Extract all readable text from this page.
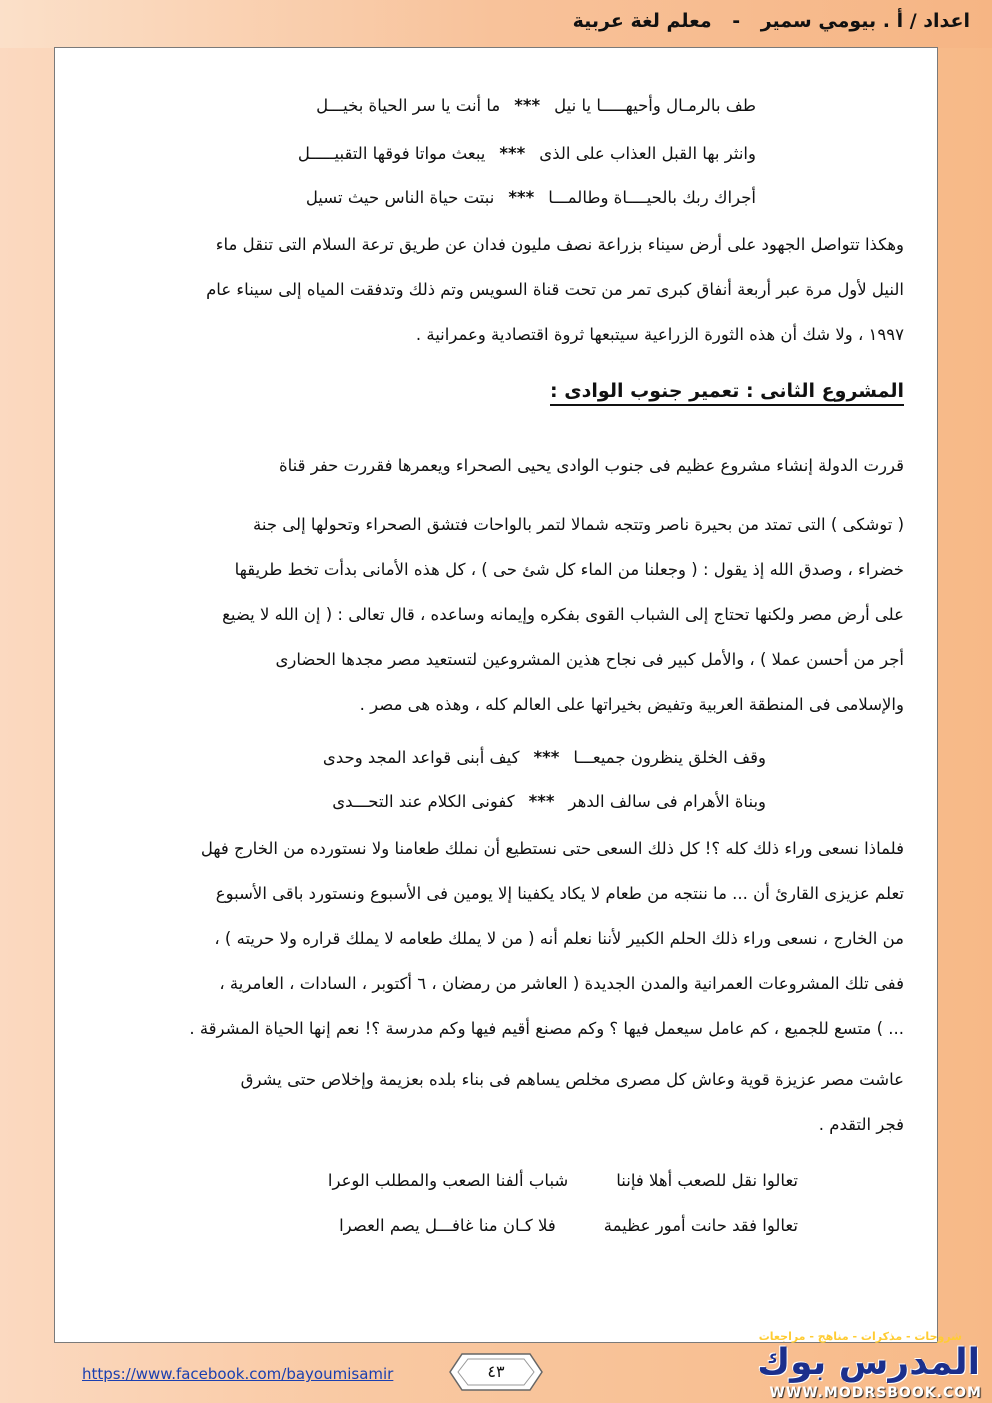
اعداد / أ . بيومي سمير - معلم لغة عربية
طف بالرمـال وأحيهـــــا يا نيل***ما أنت يا سر الحياة بخيـــل
وانثر بها القبل العذاب على الذى***يبعث مواتا فوقها التقبيـــــل
أجراك ربك بالحيــــاة وطالمـــا***نبتت حياة الناس حيث تسيل

وهكذا تتواصل الجهود على أرض سيناء بزراعة نصف مليون فدان عن طريق ترعة السلام التى تنقل ماء

النيل لأول مرة عبر أربعة أنفاق كبرى تمر من تحت قناة السويس وتم ذلك وتدفقت المياه إلى سيناء عام

١٩٩٧ ، ولا شك أن هذه الثورة الزراعية سيتبعها ثروة اقتصادية وعمرانية .

المشروع الثانى : تعمير جنوب الوادى :

قررت الدولة إنشاء مشروع عظيم فى جنوب الوادى يحيى الصحراء ويعمرها فقررت حفر قناة

( توشكى ) التى تمتد من بحيرة ناصر وتتجه شمالا لتمر بالواحات فتشق الصحراء وتحولها إلى جنة

خضراء ، وصدق الله إذ يقول : ( وجعلنا من الماء كل شئ حى ) ، كل هذه الأمانى بدأت تخط طريقها

على أرض مصر ولكنها تحتاج إلى الشباب القوى بفكره وإيمانه وساعده ، قال تعالى : ( إن الله لا يضيع

أجر من أحسن عملا ) ، والأمل كبير فى نجاح هذين المشروعين لتستعيد مصر مجدها الحضارى

والإسلامى فى المنطقة العربية وتفيض بخيراتها على العالم كله ، وهذه هى مصر .

وقف الخلق ينظرون جميعـــا***كيف أبنى قواعد المجد وحدى
وبناة الأهرام فى سالف الدهر***كفونى الكلام عند التحـــدى

فلماذا نسعى وراء ذلك كله ؟! كل ذلك السعى حتى نستطيع أن نملك طعامنا ولا نستورده من الخارج فهل

تعلم عزيزى القارئ أن ... ما ننتجه من طعام لا يكاد يكفينا إلا يومين فى الأسبوع ونستورد باقى الأسبوع

من الخارج ، نسعى وراء ذلك الحلم الكبير لأننا نعلم أنه ( من لا يملك طعامه لا يملك قراره ولا حريته ) ،

ففى تلك المشروعات العمرانية والمدن الجديدة ( العاشر من رمضان ، ٦ أكتوبر ، السادات ، العامرية ،

... ) متسع للجميع ، كم عامل سيعمل فيها ؟ وكم مصنع أقيم فيها وكم مدرسة ؟! نعم إنها الحياة المشرقة .

عاشت مصر عزيزة قوية وعاش كل مصرى مخلص يساهم فى بناء بلده بعزيمة وإخلاص حتى يشرق

فجر التقدم .

تعالوا نقل للصعب أهلا فإنناشباب ألفنا الصعب والمطلب الوعرا
تعالوا فقد حانت أمور عظيمةفلا كـان منا غافـــل يصم العصرا
https://www.facebook.com/bayoumisamir	٤٣
شروحات - مذكرات - مناهج - مراجعات
المدرس بوك
WWW.MODRSBOOK.COM
